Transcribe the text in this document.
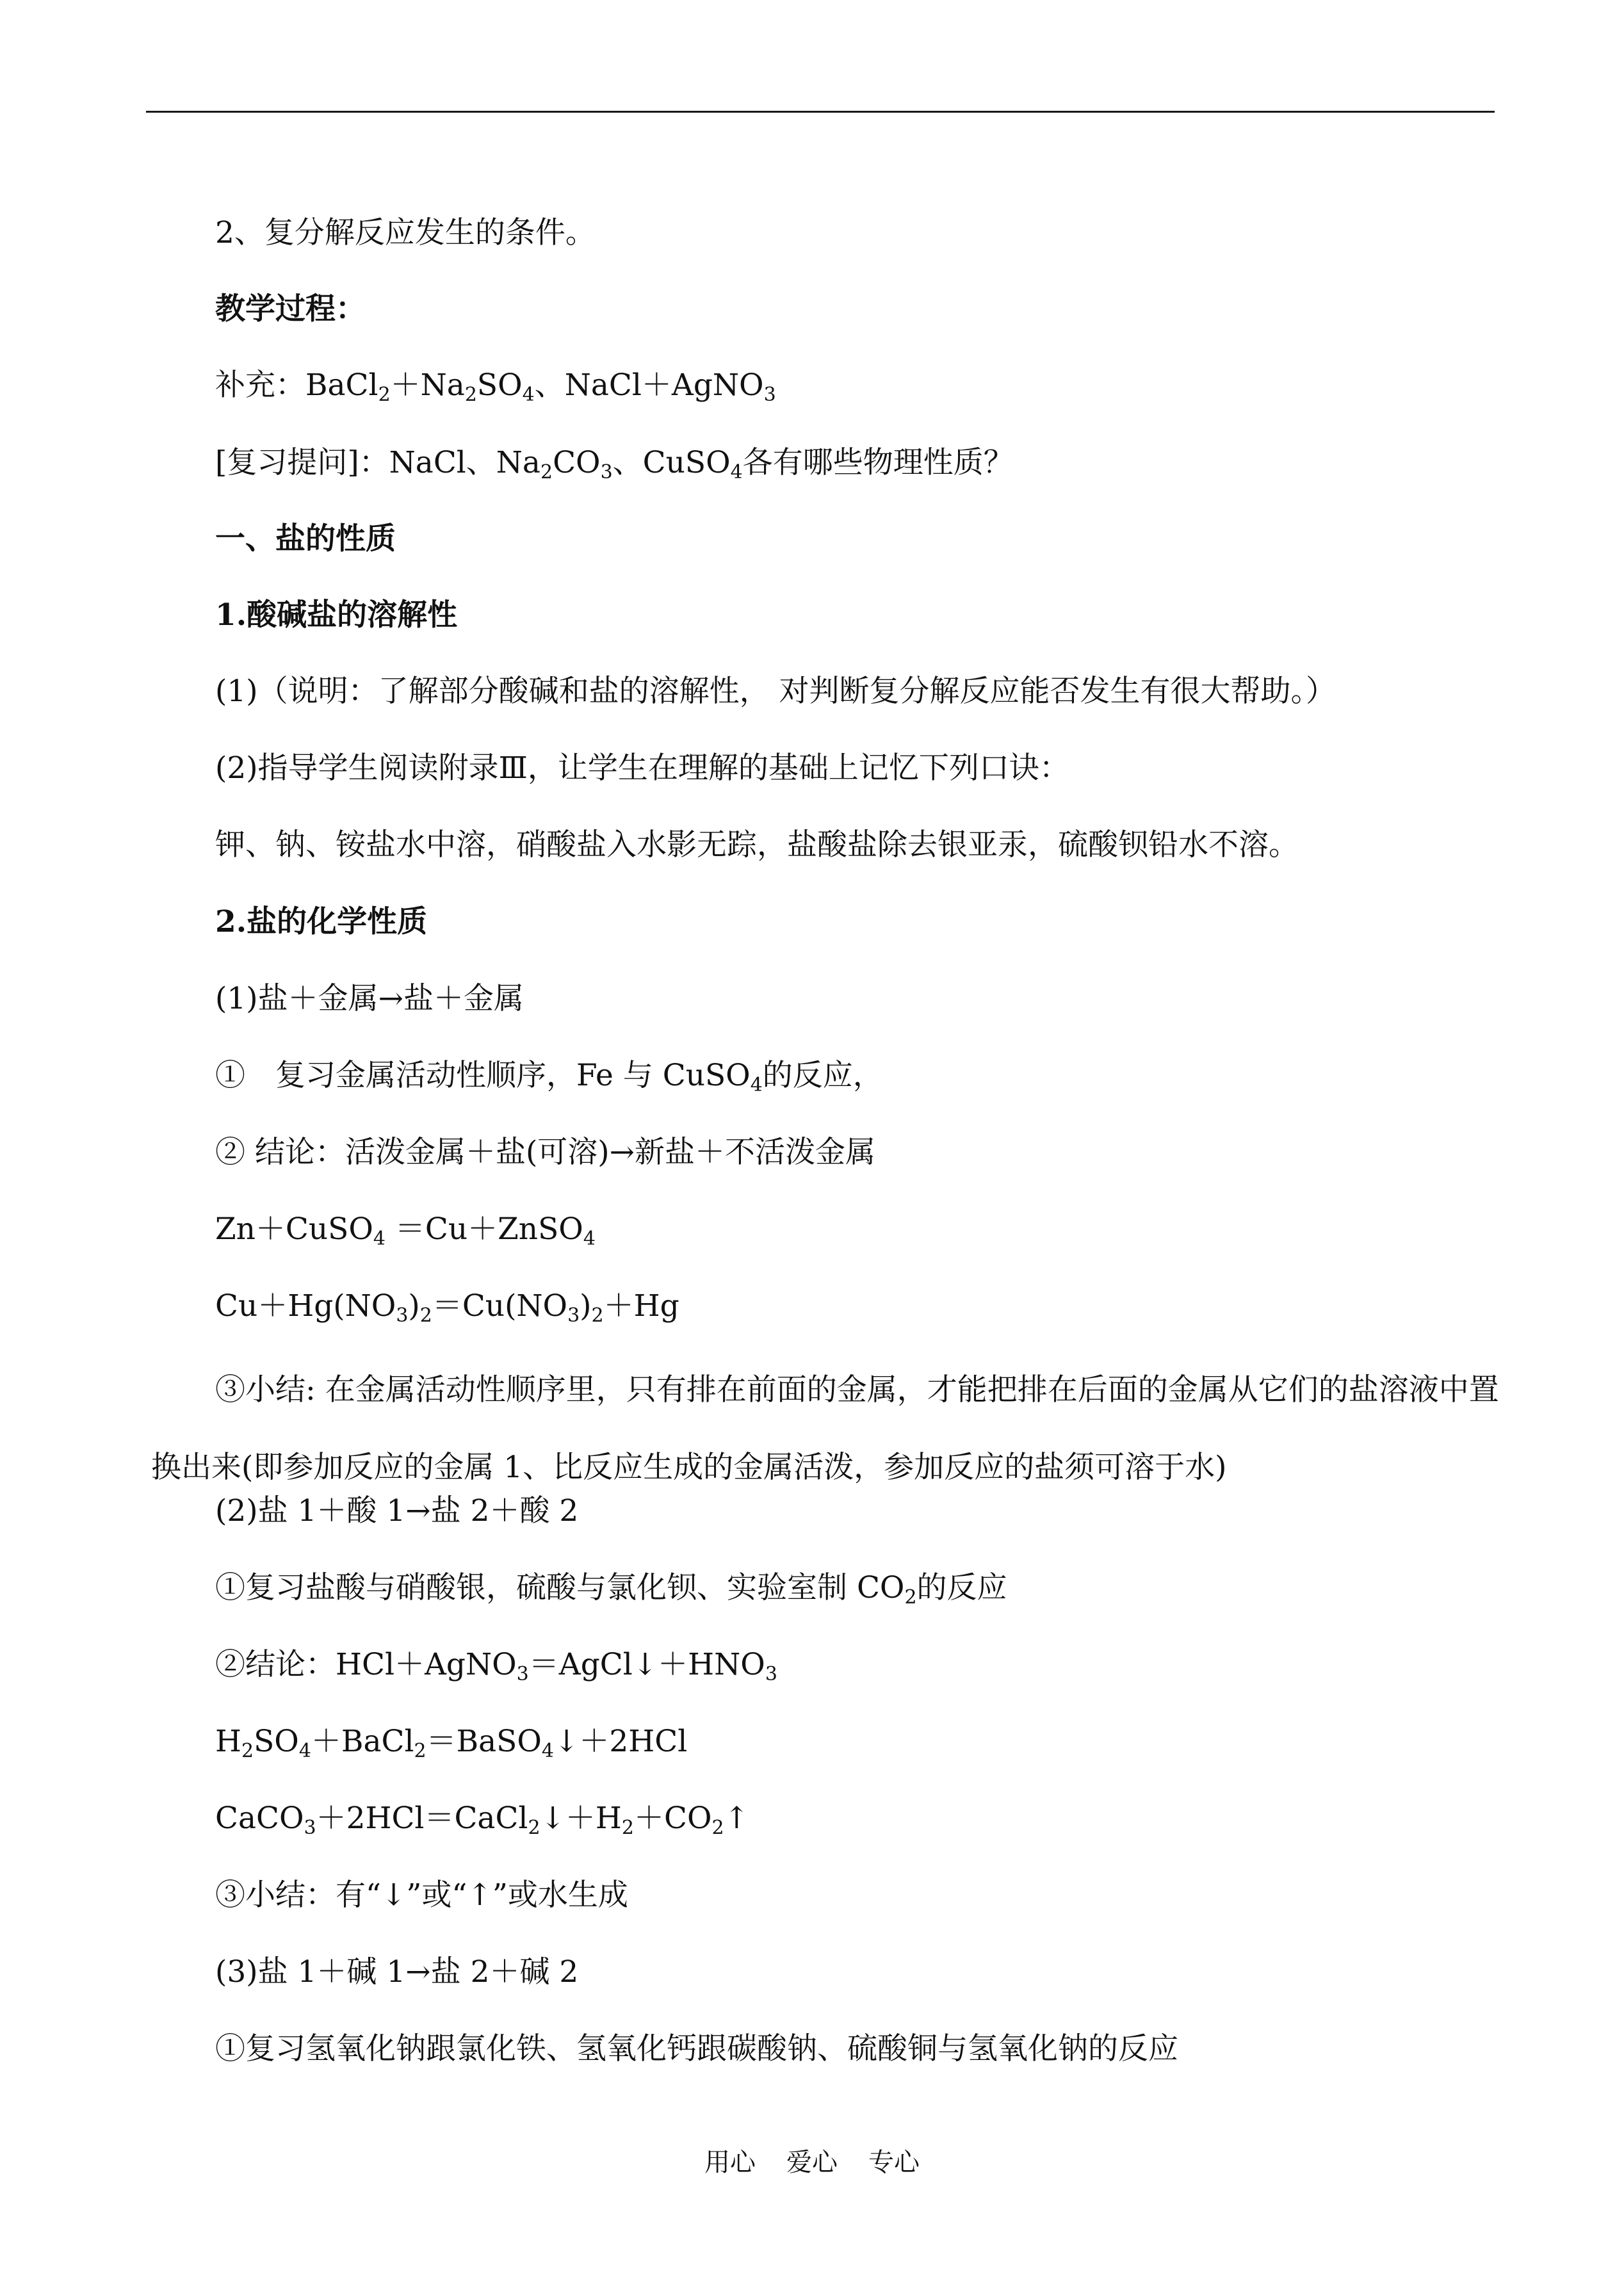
2、复分解反应发生的条件。
教学过程：
补充：$BaCl_2+Na_2SO_4$、NaCl＋AgNO$_3$
[复习提问]：NaCl、$Na_2CO_3$、CuSO$_4$各有哪些物理性质？
一、盐的性质
1.酸碱盐的溶解性
(1)（说明：了解部分酸碱和盐的溶解性， 对判断复分解反应能否发生有很大帮助。）
(2)指导学生阅读附录Ⅲ，让学生在理解的基础上记忆下列口诀：
钾、钠、铵盐水中溶，硝酸盐入水影无踪，盐酸盐除去银亚汞，硫酸钡铅水不溶。
2.盐的化学性质
(1)盐＋金属→盐＋金属
①　复习金属活动性顺序，Fe 与 CuSO$_4$的反应，
② 结论：活泼金属＋盐(可溶)→新盐＋不活泼金属
Zn＋CuSO$_4$ ＝Cu＋ZnSO$_4$
$Cu+Hg(NO_3)_2=Cu(NO_3)_2+Hg$
③小结: 在金属活动性顺序里，只有排在前面的金属，才能把排在后面的金属从它们的盐溶液中置换出来(即参加反应的金属 1、比反应生成的金属活泼，参加反应的盐须可溶于水)
(2)盐 1＋酸 1→盐 2＋酸 2
①复习盐酸与硝酸银，硫酸与氯化钡、实验室制 $CO_2$的反应
②结论：$HCl+AgNO_3=AgCl↓+HNO_3$
$H_2SO_4+BaCl_2=BaSO_4↓+2HCl$
$CaCO_3+2HCl=CaCl_2↓+H_2+CO_2↑$
③小结：有“↓”或“↑”或水生成
(3)盐 1＋碱 1→盐 2＋碱 2
①复习氢氧化钠跟氯化铁、氢氧化钙跟碳酸钠、硫酸铜与氢氧化钠的反应
用心 爱心 专心
